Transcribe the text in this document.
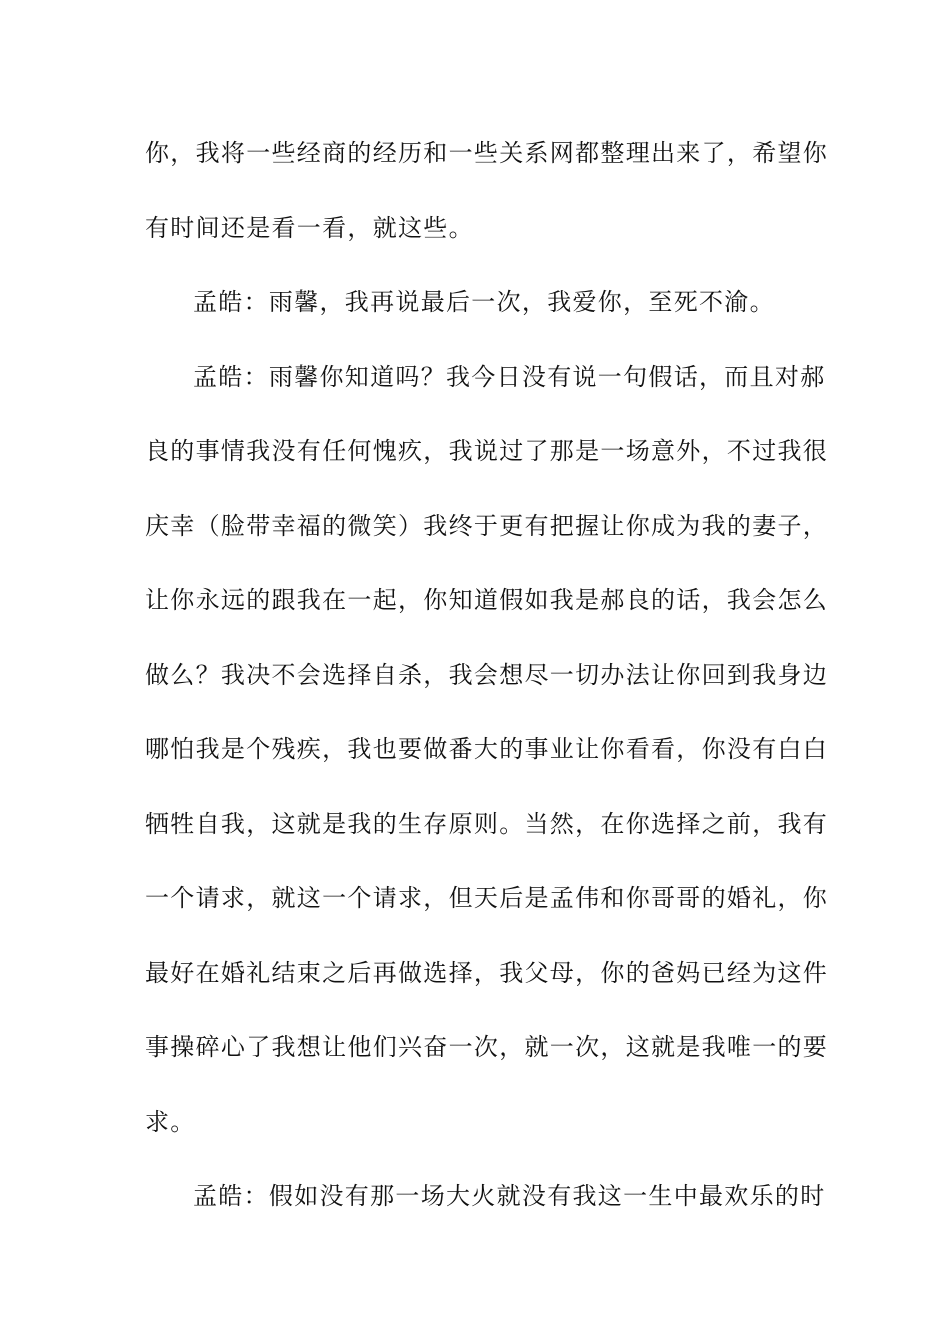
你，我将一些经商的经历和一些关系网都整理出来了，希望你
有时间还是看一看，就这些。
孟皓：雨馨，我再说最后一次，我爱你，至死不渝。
孟皓：雨馨你知道吗？我今日没有说一句假话，而且对郝
良的事情我没有任何愧疚，我说过了那是一场意外，不过我很
庆幸（脸带幸福的微笑）我终于更有把握让你成为我的妻子，
让你永远的跟我在一起，你知道假如我是郝良的话，我会怎么
做么？我决不会选择自杀，我会想尽一切办法让你回到我身边
哪怕我是个残疾，我也要做番大的事业让你看看，你没有白白
牺牲自我，这就是我的生存原则。当然，在你选择之前，我有
一个请求，就这一个请求，但天后是孟伟和你哥哥的婚礼，你
最好在婚礼结束之后再做选择，我父母，你的爸妈已经为这件
事操碎心了我想让他们兴奋一次，就一次，这就是我唯一的要
求。
孟皓：假如没有那一场大火就没有我这一生中最欢乐的时
